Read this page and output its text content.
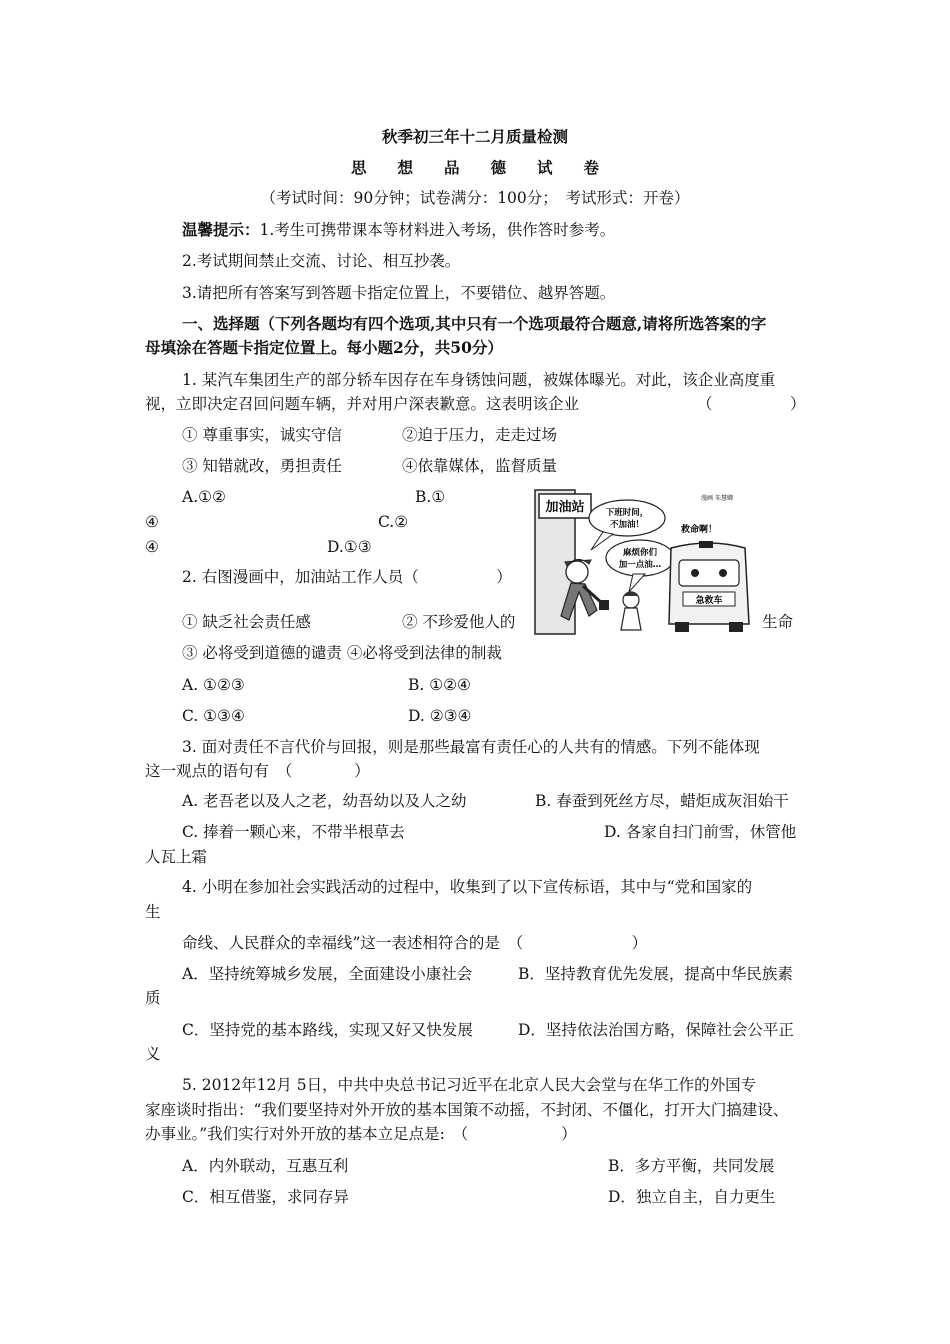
秋季初三年十二月质量检测
思　　想　　品　　德　　试　　卷
（考试时间：90分钟；试卷满分：100分；　考试形式：开卷）
温馨提示：1.考生可携带课本等材料进入考场，供作答时参考。
2.考试期间禁止交流、讨论、相互抄袭。
3.请把所有答案写到答题卡指定位置上，不要错位、越界答题。
一、选择题（下列各题均有四个选项,其中只有一个选项最符合题意,请将所选答案的字
母填涂在答题卡指定位置上。每小题2分，共50分）
1. 某汽车集团生产的部分轿车因存在车身锈蚀问题，被媒体曝光。对此，该企业高度重
视，立即决定召回问题车辆，并对用户深表歉意。这表明该企业	（　　　　　）
① 尊重事实，诚实守信	②迫于压力，走走过场
③ 知错就改，勇担责任	④依靠媒体，监督质量
A.①②	B.①
④	C.②
④	D.①③
2. 右图漫画中，加油站工作人员（　　　　　）
① 缺乏社会责任感	② 不珍爱他人的	生命
③ 必将受到道德的谴责 ④必将受到法律的制裁
A. ①②③	B. ①②④
C. ①③④	D. ②③④
加油站
漫画 朱慧卿
下班时间，
不加油！
麻烦你们
加一点油…
救命啊！
急救车
3. 面对责任不言代价与回报，则是那些最富有责任心的人共有的情感。下列不能体现
这一观点的语句有　（　　　　）
A. 老吾老以及人之老，幼吾幼以及人之幼	B. 春蚕到死丝方尽，蜡炬成灰泪始干
C. 捧着一颗心来，不带半根草去	D. 各家自扫门前雪，休管他
人瓦上霜
4. 小明在参加社会实践活动的过程中，收集到了以下宣传标语，其中与“党和国家的
生
命线、人民群众的幸福线”这一表述相符合的是　（　　　　　　　）
A．坚持统筹城乡发展，全面建设小康社会	B．坚持教育优先发展，提高中华民族素
质
C．坚持党的基本路线，实现又好又快发展	D．坚持依法治国方略，保障社会公平正
义
5. 2012年12月 5日，中共中央总书记习近平在北京人民大会堂与在华工作的外国专
家座谈时指出：“我们要坚持对外开放的基本国策不动摇，不封闭、不僵化，打开大门搞建设、
办事业。”我们实行对外开放的基本立足点是:　（　　　　　　）
A．内外联动，互惠互利	B．多方平衡，共同发展
C．相互借鉴，求同存异	D．独立自主，自力更生
